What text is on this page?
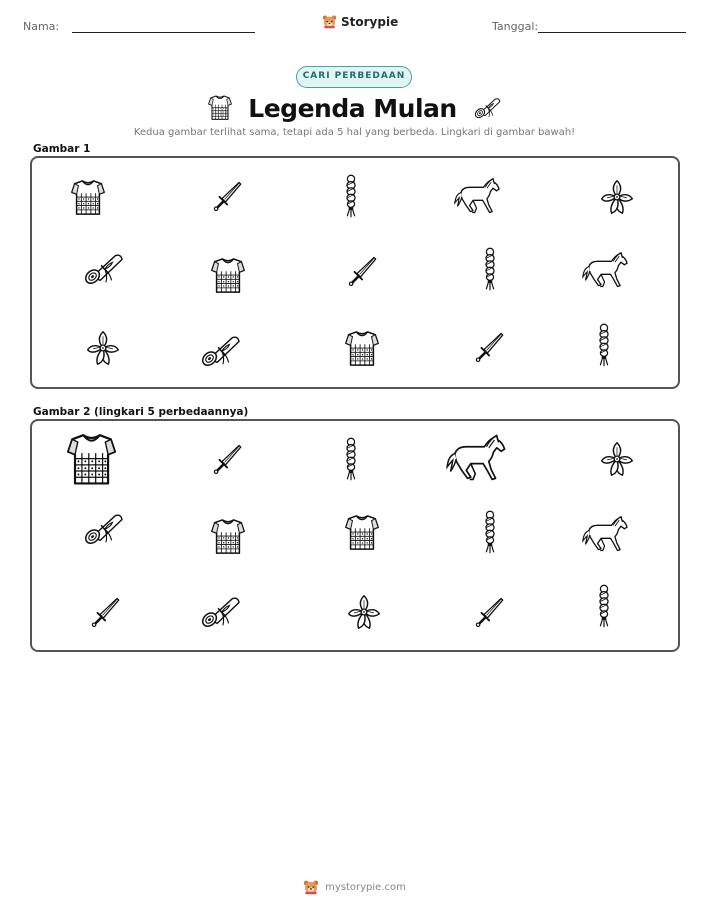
Nama:	Storypie	Tanggal:
CARI PERBEDAAN
Legenda Mulan
Kedua gambar terlihat sama, tetapi ada 5 hal yang berbeda. Lingkari di gambar bawah!
Gambar 1
Gambar 2 (lingkari 5 perbedaannya)
mystorypie.com
